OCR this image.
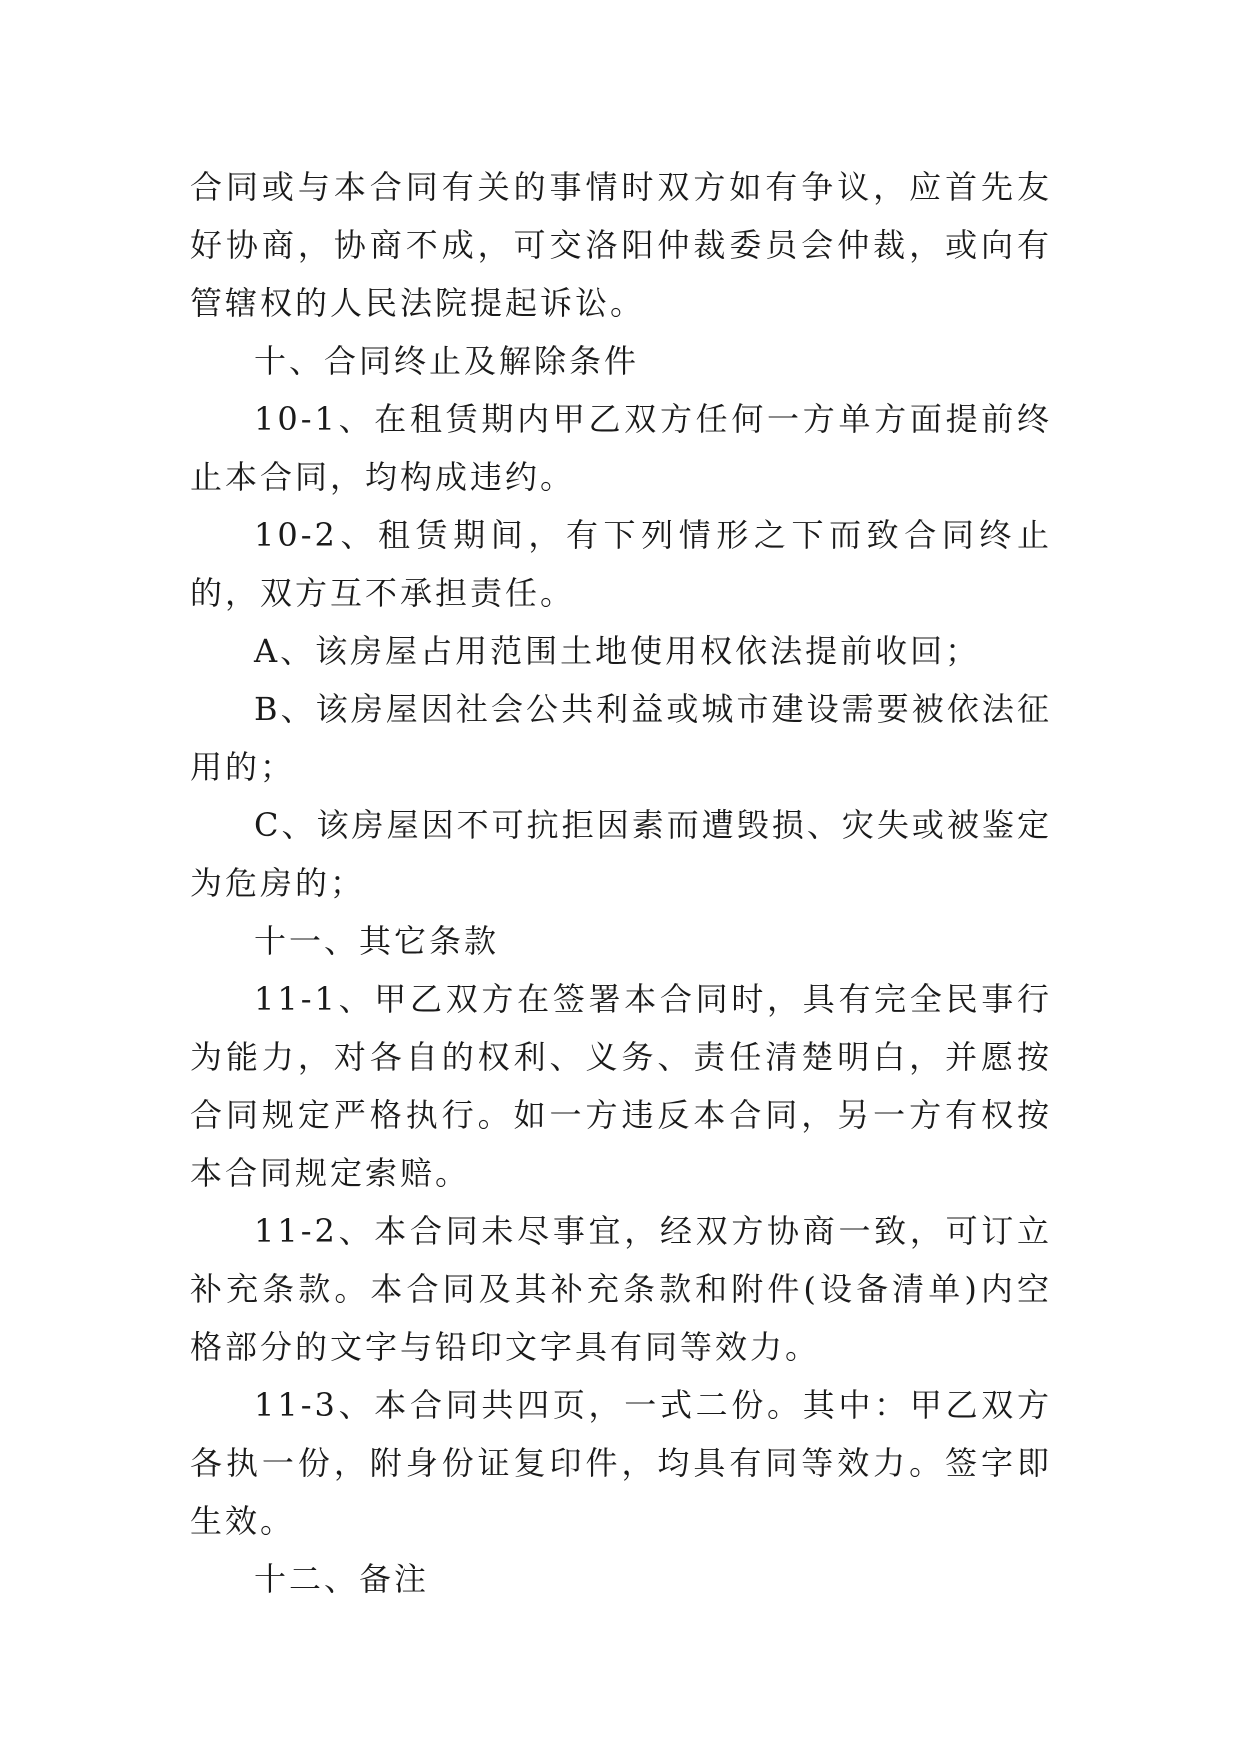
合同或与本合同有关的事情时双方如有争议，应首先友好协商，协商不成，可交洛阳仲裁委员会仲裁，或向有管辖权的人民法院提起诉讼。

十、合同终止及解除条件

10-1、在租赁期内甲乙双方任何一方单方面提前终止本合同，均构成违约。

10-2、租赁期间，有下列情形之下而致合同终止的，双方互不承担责任。

A、该房屋占用范围土地使用权依法提前收回；

B、该房屋因社会公共利益或城市建设需要被依法征用的；

C、该房屋因不可抗拒因素而遭毁损、灾失或被鉴定为危房的；

十一、其它条款

11-1、甲乙双方在签署本合同时，具有完全民事行为能力，对各自的权利、义务、责任清楚明白，并愿按合同规定严格执行。如一方违反本合同，另一方有权按本合同规定索赔。

11-2、本合同未尽事宜，经双方协商一致，可订立补充条款。本合同及其补充条款和附件(设备清单)内空格部分的文字与铅印文字具有同等效力。

11-3、本合同共四页，一式二份。其中：甲乙双方各执一份，附身份证复印件，均具有同等效力。签字即生效。

十二、备注
